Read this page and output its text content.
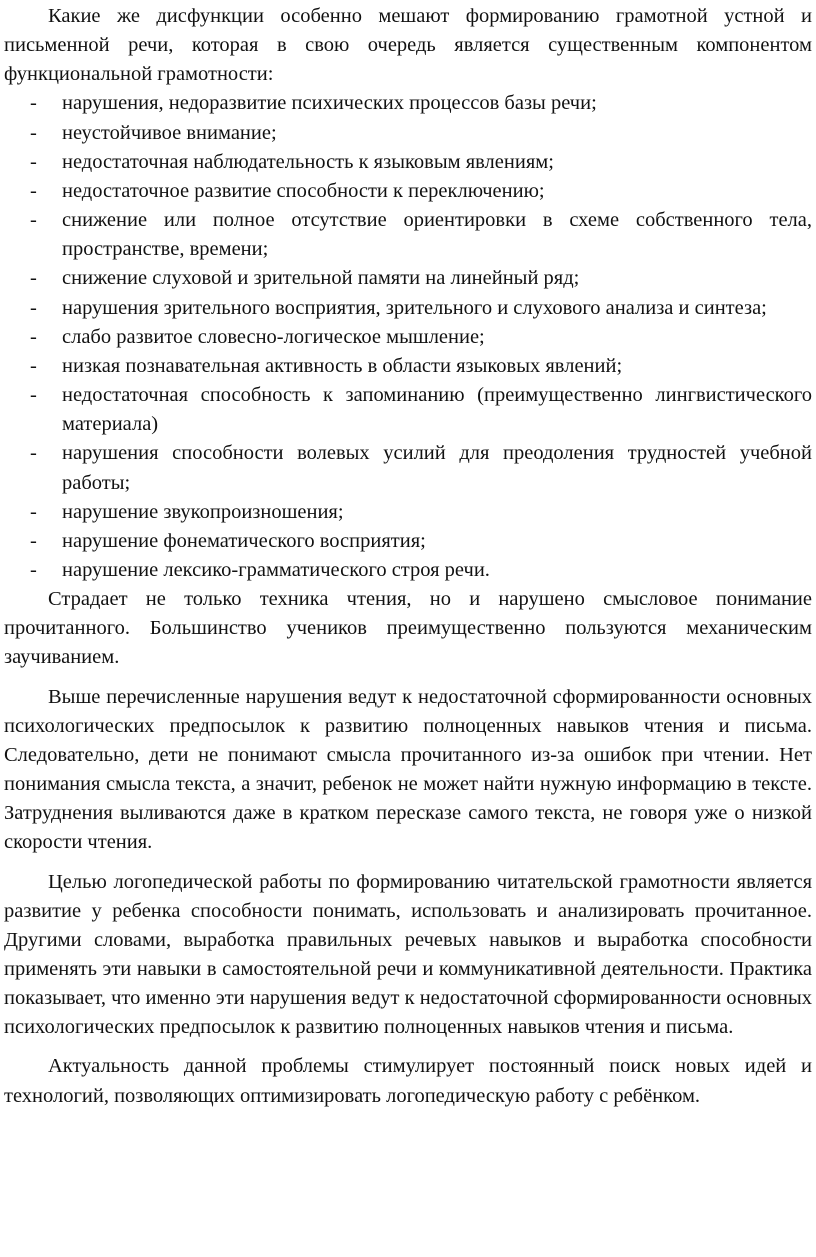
Какие же дисфункции особенно мешают формированию грамотной устной и письменной речи, которая в свою очередь является существенным компонентом функциональной грамотности:

- нарушения, недоразвитие психических процессов базы речи;
- неустойчивое внимание;
- недостаточная наблюдательность к языковым явлениям;
- недостаточное развитие способности к переключению;
- снижение или полное отсутствие ориентировки в схеме собственного тела, пространстве, времени;
- снижение слуховой и зрительной памяти на линейный ряд;
- нарушения зрительного восприятия, зрительного и слухового анализа и синтеза;
- слабо развитое словесно-логическое мышление;
- низкая познавательная активность в области языковых явлений;
- недостаточная способность к запоминанию (преимущественно лингвистического материала)
- нарушения способности волевых усилий для преодоления трудностей учебной работы;
- нарушение звукопроизношения;
- нарушение фонематического восприятия;
- нарушение лексико-грамматического строя речи.

Страдает не только техника чтения, но и нарушено смысловое понимание прочитанного. Большинство учеников преимущественно пользуются механическим заучиванием.

Выше перечисленные нарушения ведут к недостаточной сформированности основных психологических предпосылок к развитию полноценных навыков чтения и письма. Следовательно, дети не понимают смысла прочитанного из-за ошибок при чтении. Нет понимания смысла текста, а значит, ребенок не может найти нужную информацию в тексте. Затруднения выливаются даже в кратком пересказе самого текста, не говоря уже о низкой скорости чтения.

Целью логопедической работы по формированию читательской грамотности является развитие у ребенка способности понимать, использовать и анализировать прочитанное. Другими словами, выработка правильных речевых навыков и выработка способности применять эти навыки в самостоятельной речи и коммуникативной деятельности. Практика показывает, что именно эти нарушения ведут к недостаточной сформированности основных психологических предпосылок к развитию полноценных навыков чтения и письма.

Актуальность данной проблемы стимулирует постоянный поиск новых идей и технологий, позволяющих оптимизировать логопедическую работу с ребёнком.
